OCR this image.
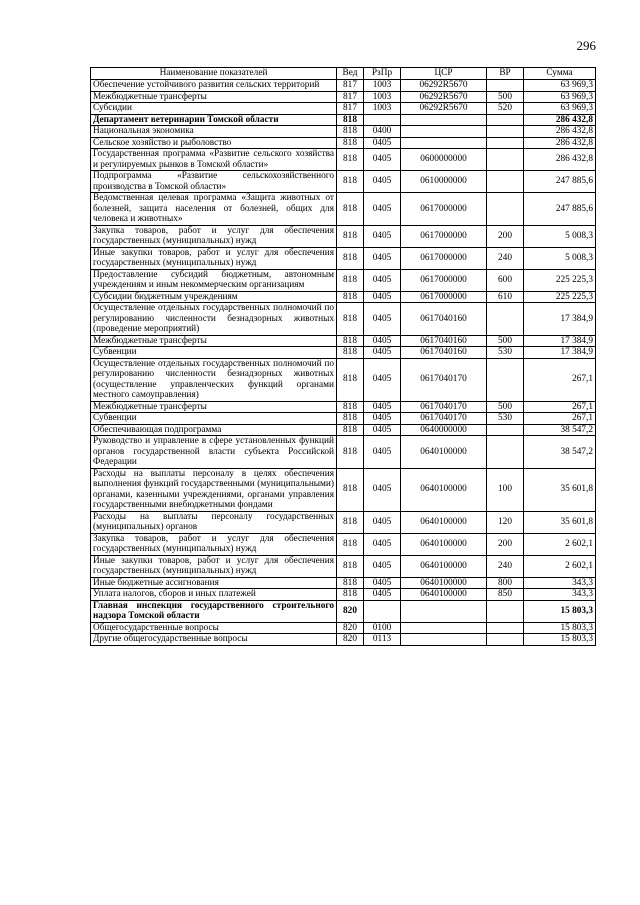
296
Наименование показателей	Вед	РзПр	ЦСР	ВР	Сумма
Обеспечение устойчивого развития сельских территорий	817	1003	06292R5670		63 969,3
Межбюджетные трансферты	817	1003	06292R5670	500	63 969,3
Субсидии	817	1003	06292R5670	520	63 969,3
Департамент ветеринарии Томской области	818				286 432,8
Национальная экономика	818	0400			286 432,8
Сельское хозяйство и рыболовство	818	0405			286 432,8
Государственная программа «Развитие сельского хозяйства и регулируемых рынков в Томской области»	818	0405	0600000000		286 432,8
Подпрограмма «Развитие сельскохозяйственного производства в Томской области»	818	0405	0610000000		247 885,6
Ведомственная целевая программа «Защита животных от болезней, защита населения от болезней, общих для человека и животных»	818	0405	0617000000		247 885,6
Закупка товаров, работ и услуг для обеспечения государственных (муниципальных) нужд	818	0405	0617000000	200	5 008,3
Иные закупки товаров, работ и услуг для обеспечения государственных (муниципальных) нужд	818	0405	0617000000	240	5 008,3
Предоставление субсидий бюджетным, автономным учреждениям и иным некоммерческим организациям	818	0405	0617000000	600	225 225,3
Субсидии бюджетным учреждениям	818	0405	0617000000	610	225 225,3
Осуществление отдельных государственных полномочий по регулированию численности безнадзорных животных (проведение мероприятий)	818	0405	0617040160		17 384,9
Межбюджетные трансферты	818	0405	0617040160	500	17 384,9
Субвенции	818	0405	0617040160	530	17 384,9
Осуществление отдельных государственных полномочий по регулированию численности безнадзорных животных (осуществление управленческих функций органами местного самоуправления)	818	0405	0617040170		267,1
Межбюджетные трансферты	818	0405	0617040170	500	267,1
Субвенции	818	0405	0617040170	530	267,1
Обеспечивающая подпрограмма	818	0405	0640000000		38 547,2
Руководство и управление в сфере установленных функций органов государственной власти субъекта Российской Федерации	818	0405	0640100000		38 547,2
Расходы на выплаты персоналу в целях обеспечения выполнения функций государственными (муниципальными) органами, казенными учреждениями, органами управления государственными внебюджетными фондами	818	0405	0640100000	100	35 601,8
Расходы на выплаты персоналу государственных (муниципальных) органов	818	0405	0640100000	120	35 601,8
Закупка товаров, работ и услуг для обеспечения государственных (муниципальных) нужд	818	0405	0640100000	200	2 602,1
Иные закупки товаров, работ и услуг для обеспечения государственных (муниципальных) нужд	818	0405	0640100000	240	2 602,1
Иные бюджетные ассигнования	818	0405	0640100000	800	343,3
Уплата налогов, сборов и иных платежей	818	0405	0640100000	850	343,3
Главная инспекция государственного строительного надзора Томской области	820				15 803,3
Общегосударственные вопросы	820	0100			15 803,3
Другие общегосударственные вопросы	820	0113			15 803,3
